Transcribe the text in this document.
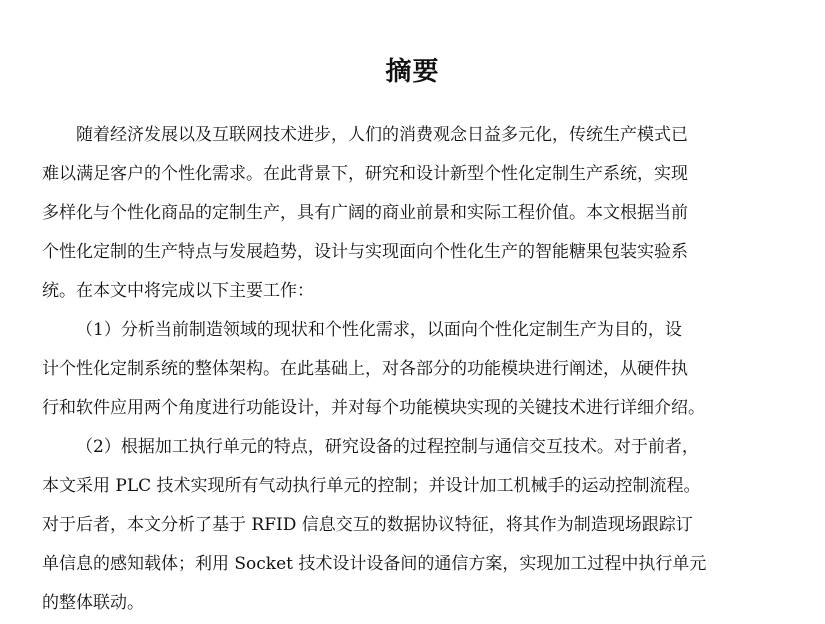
摘要
随着经济发展以及互联网技术进步，人们的消费观念日益多元化，传统生产模式已
难以满足客户的个性化需求。在此背景下，研究和设计新型个性化定制生产系统，实现
多样化与个性化商品的定制生产，具有广阔的商业前景和实际工程价值。本文根据当前
个性化定制的生产特点与发展趋势，设计与实现面向个性化生产的智能糖果包装实验系
统。在本文中将完成以下主要工作：
（1）分析当前制造领域的现状和个性化需求，以面向个性化定制生产为目的，设
计个性化定制系统的整体架构。在此基础上，对各部分的功能模块进行阐述，从硬件执
行和软件应用两个角度进行功能设计，并对每个功能模块实现的关键技术进行详细介绍。
（2）根据加工执行单元的特点，研究设备的过程控制与通信交互技术。对于前者，
本文采用 PLC 技术实现所有气动执行单元的控制；并设计加工机械手的运动控制流程。
对于后者，本文分析了基于 RFID 信息交互的数据协议特征，将其作为制造现场跟踪订
单信息的感知载体；利用 Socket 技术设计设备间的通信方案，实现加工过程中执行单元
的整体联动。
